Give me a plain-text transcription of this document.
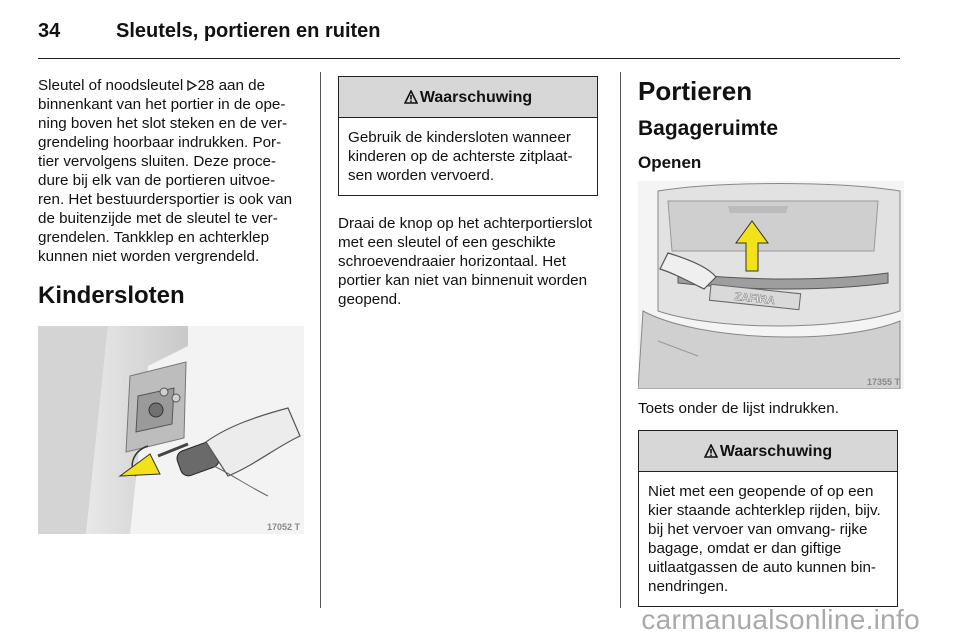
34	Sleutels, portieren en ruiten

Sleutel of noodsleutel 28 aan de binnenkant van het portier in de ope- ning boven het slot steken en de ver- grendeling hoorbaar indrukken. Por- tier vervolgens sluiten. Deze proce- dure bij elk van de portieren uitvoe- ren. Het bestuurdersportier is ook van de buitenzijde met de sleutel te ver- grendelen. Tankklep en achterklep kunnen niet worden vergrendeld.

Kindersloten
17052 T
Waarschuwing
Gebruik de kindersloten wanneer kinderen op de achterste zitplaat- sen worden vervoerd.

Draai de knop op het achterportierslot met een sleutel of een geschikte schroevendraaier horizontaal. Het portier kan niet van binnenuit worden geopend.

Portieren
Bagageruimte
Openen
ZAFIRA
17355 T

Toets onder de lijst indrukken.

Waarschuwing
Niet met een geopende of op een kier staande achterklep rijden, bijv. bij het vervoer van omvang- rijke bagage, omdat er dan giftige uitlaatgassen de auto kunnen bin- nendringen.
carmanualsonline.info
